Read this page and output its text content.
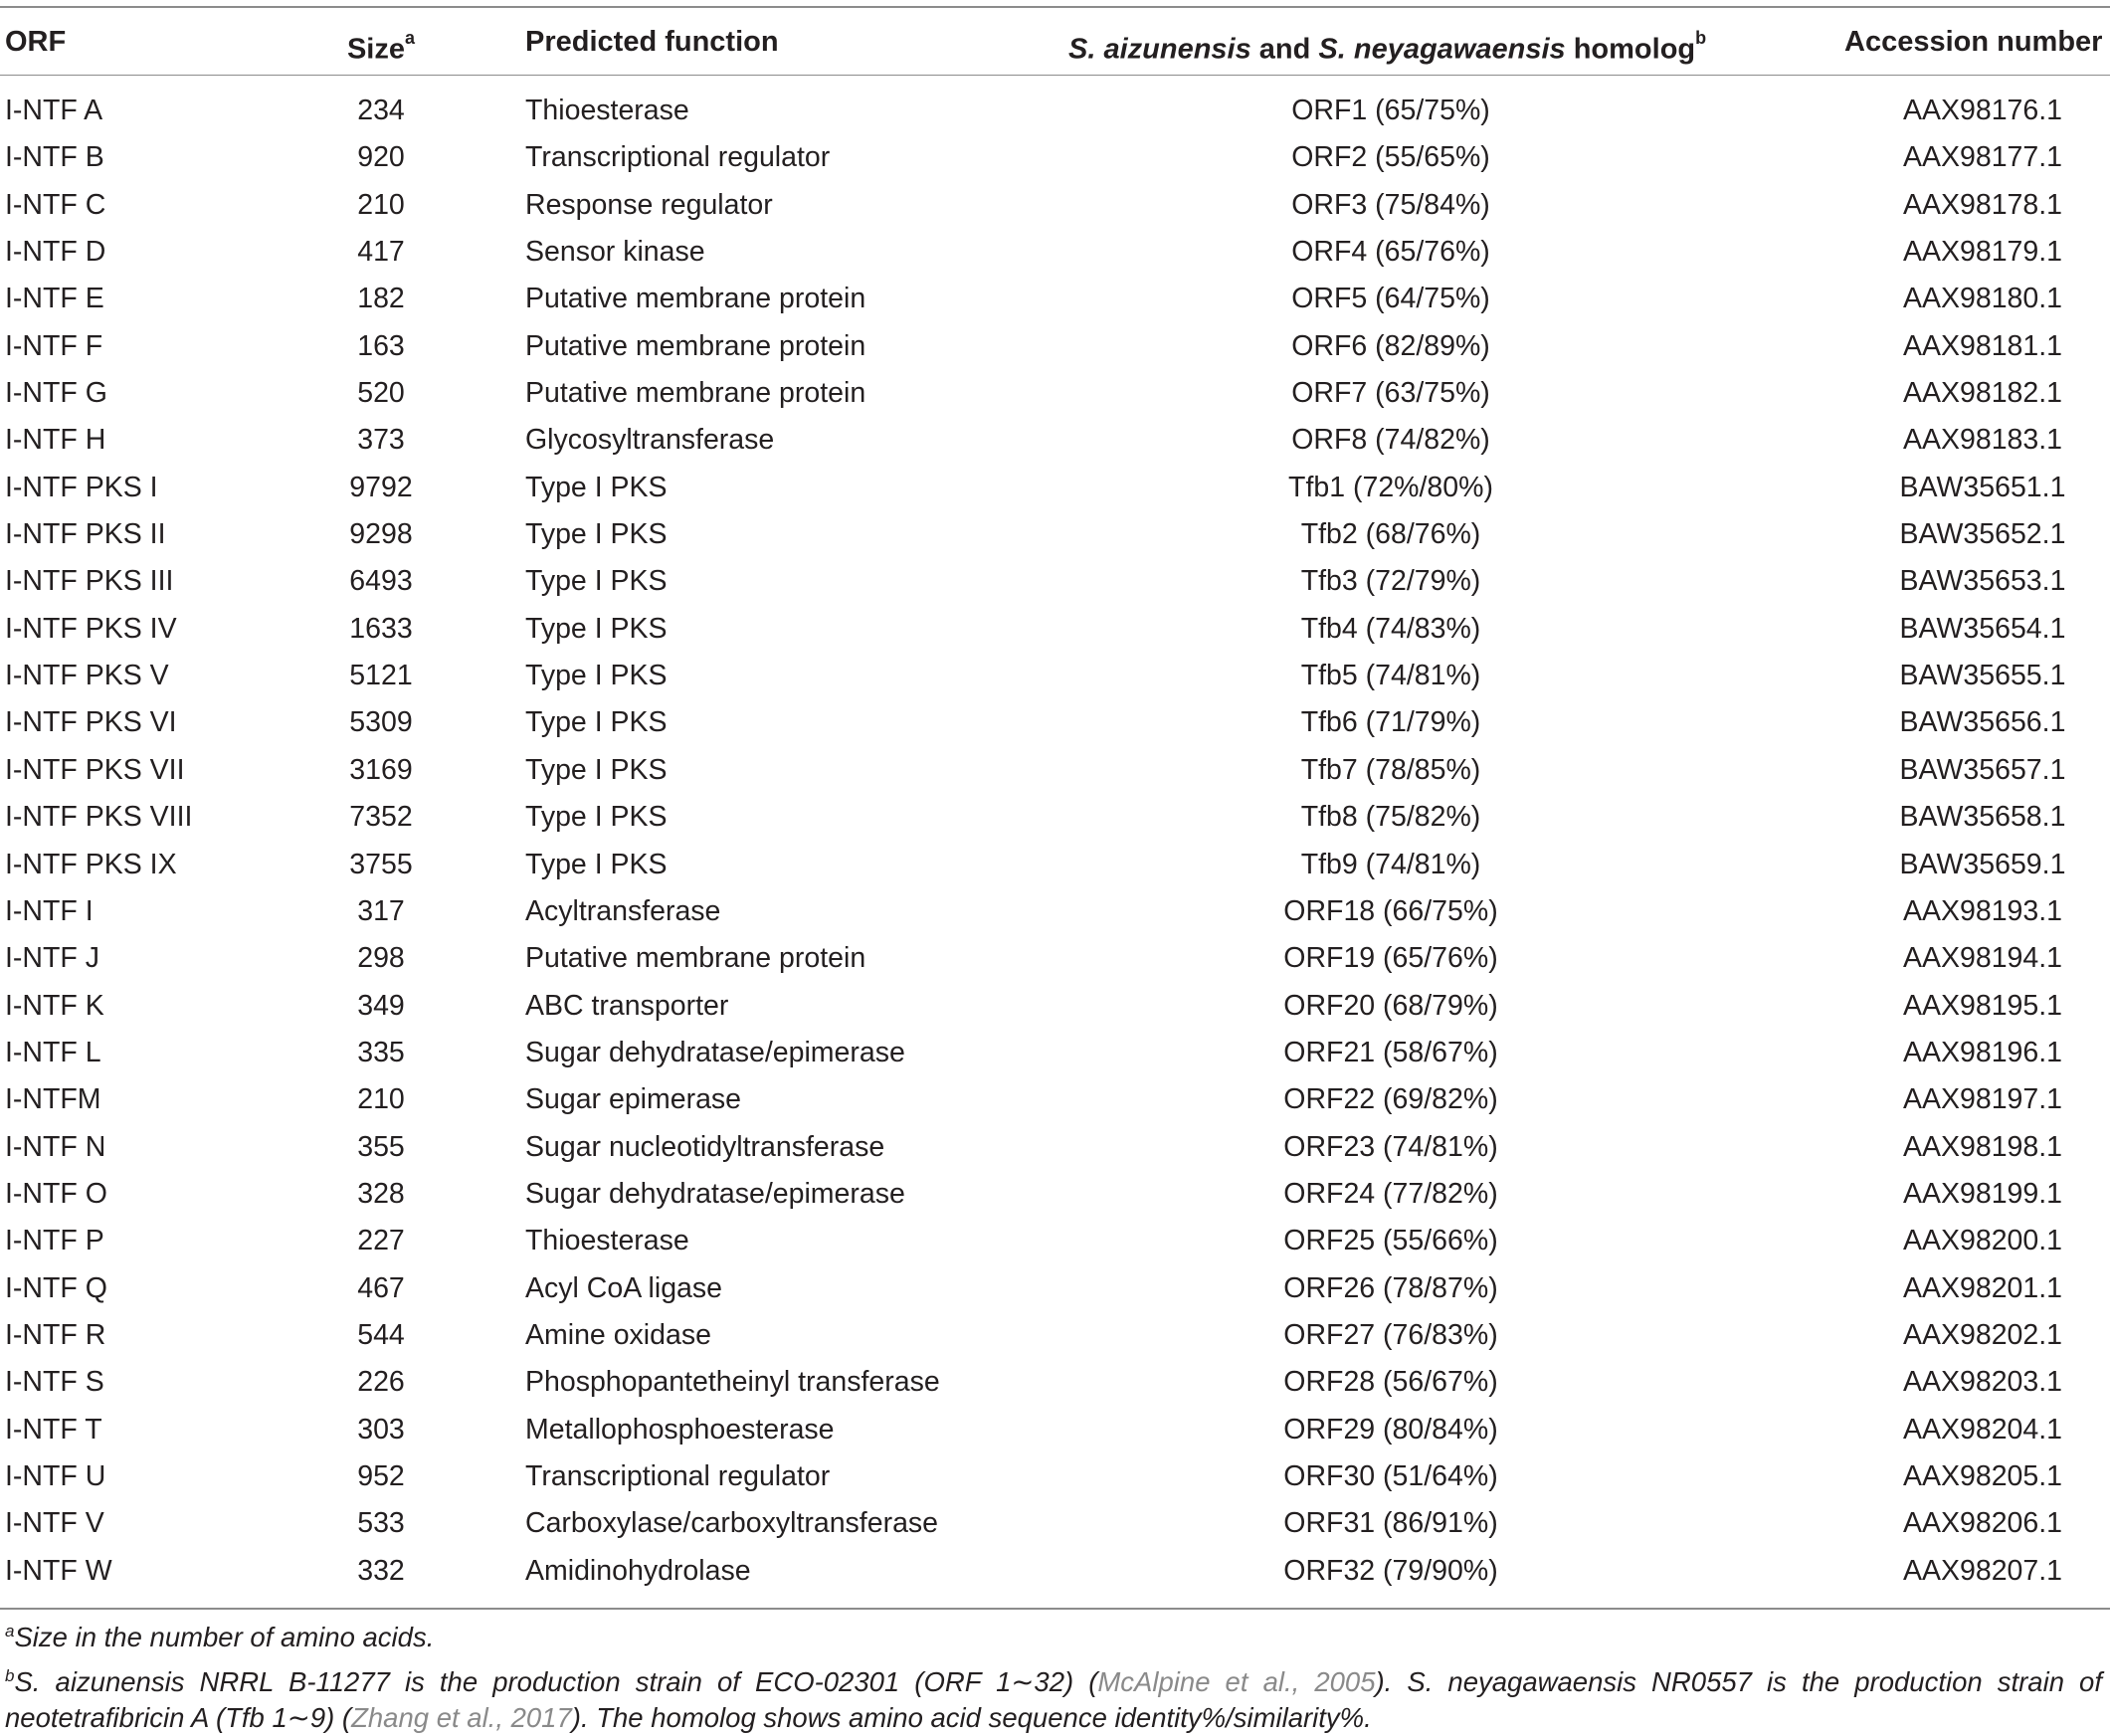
ORF	Size$^a$	Predicted function	S. aizunensis and S. neyagawaensis homolog$^b$	Accession number
I-NTF A	234	Thioesterase	ORF1 (65/75%)	AAX98176.1
I-NTF B	920	Transcriptional regulator	ORF2 (55/65%)	AAX98177.1
I-NTF C	210	Response regulator	ORF3 (75/84%)	AAX98178.1
I-NTF D	417	Sensor kinase	ORF4 (65/76%)	AAX98179.1
I-NTF E	182	Putative membrane protein	ORF5 (64/75%)	AAX98180.1
I-NTF F	163	Putative membrane protein	ORF6 (82/89%)	AAX98181.1
I-NTF G	520	Putative membrane protein	ORF7 (63/75%)	AAX98182.1
I-NTF H	373	Glycosyltransferase	ORF8 (74/82%)	AAX98183.1
I-NTF PKS I	9792	Type I PKS	Tfb1 (72%/80%)	BAW35651.1
I-NTF PKS II	9298	Type I PKS	Tfb2 (68/76%)	BAW35652.1
I-NTF PKS III	6493	Type I PKS	Tfb3 (72/79%)	BAW35653.1
I-NTF PKS IV	1633	Type I PKS	Tfb4 (74/83%)	BAW35654.1
I-NTF PKS V	5121	Type I PKS	Tfb5 (74/81%)	BAW35655.1
I-NTF PKS VI	5309	Type I PKS	Tfb6 (71/79%)	BAW35656.1
I-NTF PKS VII	3169	Type I PKS	Tfb7 (78/85%)	BAW35657.1
I-NTF PKS VIII	7352	Type I PKS	Tfb8 (75/82%)	BAW35658.1
I-NTF PKS IX	3755	Type I PKS	Tfb9 (74/81%)	BAW35659.1
I-NTF I	317	Acyltransferase	ORF18 (66/75%)	AAX98193.1
I-NTF J	298	Putative membrane protein	ORF19 (65/76%)	AAX98194.1
I-NTF K	349	ABC transporter	ORF20 (68/79%)	AAX98195.1
I-NTF L	335	Sugar dehydratase/epimerase	ORF21 (58/67%)	AAX98196.1
I-NTFM	210	Sugar epimerase	ORF22 (69/82%)	AAX98197.1
I-NTF N	355	Sugar nucleotidyltransferase	ORF23 (74/81%)	AAX98198.1
I-NTF O	328	Sugar dehydratase/epimerase	ORF24 (77/82%)	AAX98199.1
I-NTF P	227	Thioesterase	ORF25 (55/66%)	AAX98200.1
I-NTF Q	467	Acyl CoA ligase	ORF26 (78/87%)	AAX98201.1
I-NTF R	544	Amine oxidase	ORF27 (76/83%)	AAX98202.1
I-NTF S	226	Phosphopantetheinyl transferase	ORF28 (56/67%)	AAX98203.1
I-NTF T	303	Metallophosphoesterase	ORF29 (80/84%)	AAX98204.1
I-NTF U	952	Transcriptional regulator	ORF30 (51/64%)	AAX98205.1
I-NTF V	533	Carboxylase/carboxyltransferase	ORF31 (86/91%)	AAX98206.1
I-NTF W	332	Amidinohydrolase	ORF32 (79/90%)	AAX98207.1
$^a$Size in the number of amino acids.
$^b$S. aizunensis NRRL B-11277 is the production strain of ECO-02301 (ORF 1∼32) (McAlpine et al., 2005). S. neyagawaensis NR0557 is the production strain of neotetrafibricin A (Tfb 1∼9) (Zhang et al., 2017). The homolog shows amino acid sequence identity%/similarity%.
